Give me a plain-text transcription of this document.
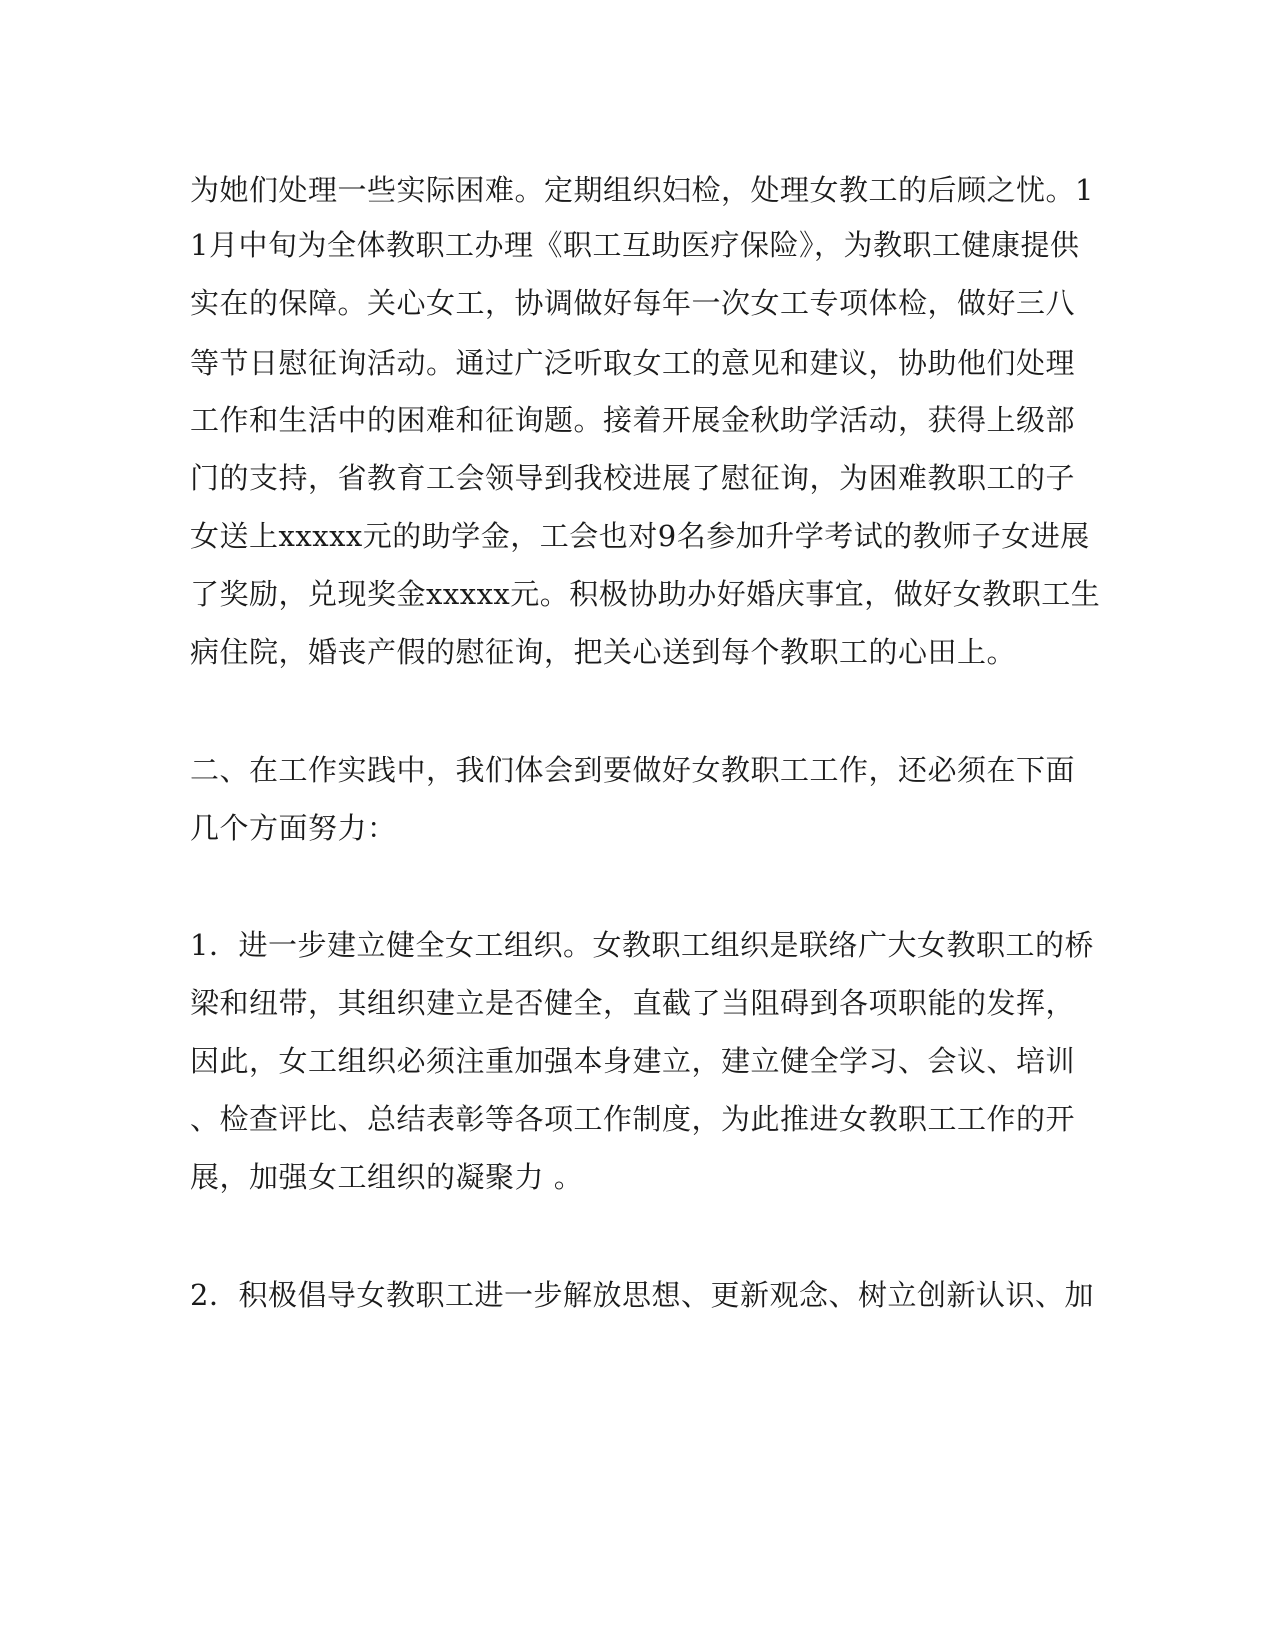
为她们处理一些实际困难。定期组织妇检，处理女教工的后顾之忧。1
1月中旬为全体教职工办理《职工互助医疗保险》，为教职工健康提供
实在的保障。关心女工，协调做好每年一次女工专项体检，做好三八
等节日慰征询活动。通过广泛听取女工的意见和建议，协助他们处理
工作和生活中的困难和征询题。接着开展金秋助学活动，获得上级部
门的支持，省教育工会领导到我校进展了慰征询，为困难教职工的子
女送上xxxxx元的助学金，工会也对9名参加升学考试的教师子女进展
了奖励，兑现奖金xxxxx元。积极协助办好婚庆事宜，做好女教职工生
病住院，婚丧产假的慰征询，把关心送到每个教职工的心田上。
二、在工作实践中，我们体会到要做好女教职工工作，还必须在下面
几个方面努力：
1．进一步建立健全女工组织。女教职工组织是联络广大女教职工的桥
梁和纽带，其组织建立是否健全，直截了当阻碍到各项职能的发挥，
因此，女工组织必须注重加强本身建立，建立健全学习、会议、培训
、检查评比、总结表彰等各项工作制度，为此推进女教职工工作的开
展，加强女工组织的凝聚力 。
2．积极倡导女教职工进一步解放思想、更新观念、树立创新认识、加
